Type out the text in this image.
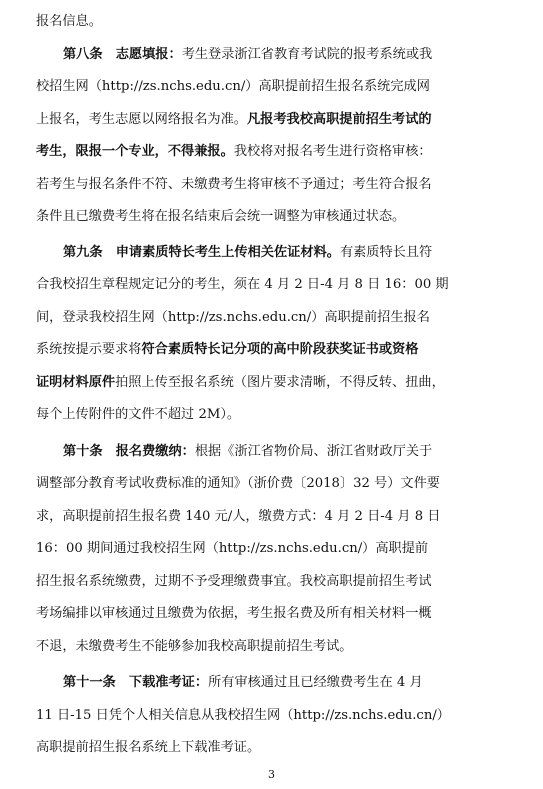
报名信息。
第八条　志愿填报：考生登录浙江省教育考试院的报考系统或我
校招生网（http://zs.nchs.edu.cn/）高职提前招生报名系统完成网
上报名，考生志愿以网络报名为准。凡报考我校高职提前招生考试的
考生，限报一个专业，不得兼报。我校将对报名考生进行资格审核：
若考生与报名条件不符、未缴费考生将审核不予通过；考生符合报名
条件且已缴费考生将在报名结束后会统一调整为审核通过状态。
第九条　申请素质特长考生上传相关佐证材料。有素质特长且符
合我校招生章程规定记分的考生，须在 4 月 2 日-4 月 8 日 16：00 期
间，登录我校招生网（http://zs.nchs.edu.cn/）高职提前招生报名
系统按提示要求将符合素质特长记分项的高中阶段获奖证书或资格
证明材料原件拍照上传至报名系统（图片要求清晰，不得反转、扭曲，
每个上传附件的文件不超过 2M）。
第十条　报名费缴纳：根据《浙江省物价局、浙江省财政厅关于
调整部分教育考试收费标准的通知》（浙价费〔2018〕32 号）文件要
求，高职提前招生报名费 140 元/人，缴费方式：4 月 2 日-4 月 8 日
16：00 期间通过我校招生网（http://zs.nchs.edu.cn/）高职提前
招生报名系统缴费，过期不予受理缴费事宜。我校高职提前招生考试
考场编排以审核通过且缴费为依据，考生报名费及所有相关材料一概
不退，未缴费考生不能够参加我校高职提前招生考试。
第十一条　下载准考证：所有审核通过且已经缴费考生在 4 月
11 日-15 日凭个人相关信息从我校招生网（http://zs.nchs.edu.cn/）
高职提前招生报名系统上下载准考证。
3
